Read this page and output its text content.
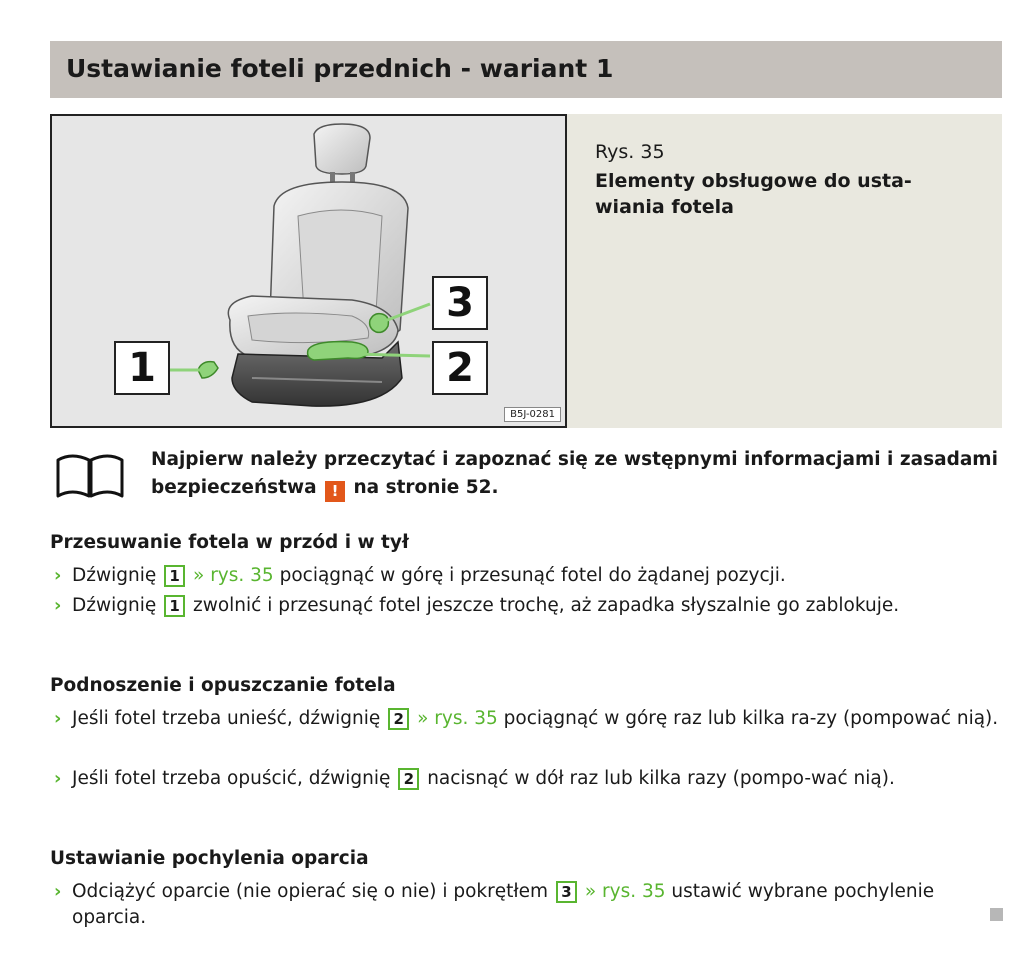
Ustawianie foteli przednich - wariant 1
1	2
3
B5J-0281
Rys. 35
Elementy obsługowe do usta-wiania fotela
Najpierw należy przeczytać i zapoznać się ze wstępnymi informacjami i zasadami bezpieczeństwa ! na stronie 52.
Przesuwanie fotela w przód i w tył
› Dźwignię 1 » rys. 35 pociągnąć w górę i przesunąć fotel do żądanej pozycji.
› Dźwignię 1 zwolnić i przesunąć fotel jeszcze trochę, aż zapadka słyszalnie go zablokuje.
Podnoszenie i opuszczanie fotela
› Jeśli fotel trzeba unieść, dźwignię 2 » rys. 35 pociągnąć w górę raz lub kilka ra-zy (pompować nią).
› Jeśli fotel trzeba opuścić, dźwignię 2 nacisnąć w dół raz lub kilka razy (pompo-wać nią).
Ustawianie pochylenia oparcia
› Odciążyć oparcie (nie opierać się o nie) i pokrętłem 3 » rys. 35 ustawić wybrane pochylenie oparcia.
